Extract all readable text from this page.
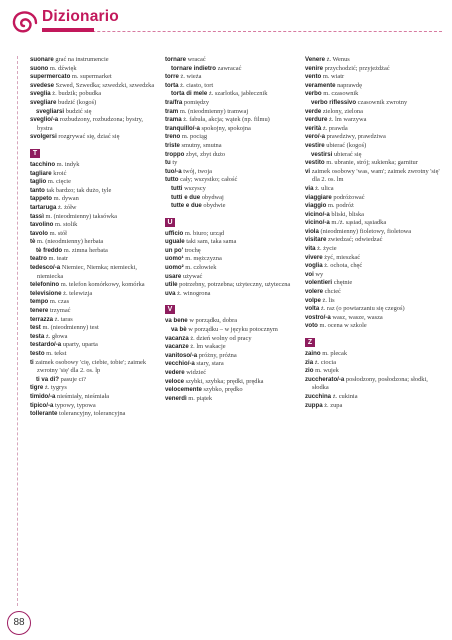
Dizionario

suonare grać na instrumencie

suono m. dźwięk

supermercato m. supermarket

svedese Szwed, Szwedka; szwedzki, szwedzka

sveglia ż. budzik; pobudka

svegliare budzić (kogoś)

svegliarsi budzić się

sveglio/-a rozbudzony, rozbudzona; bystry, bystra

svolgersi rozgrywać się, dziać się

T

tacchino m. indyk

tagliare kroić

taglio m. cięcie

tanto tak bardzo; tak dużo, tyle

tappeto m. dywan

tartaruga ż. żółw

tassì m. (nieodmienny) taksówka

tavolino m. stolik

tavolo m. stół

tè m. (nieodmienny) herbata

tè freddo m. zimna herbata

teatro m. teatr

tedesco/-a Niemiec, Niemka; niemiecki, niemiecka

telefonino m. telefon komórkowy, komórka

televisione ż. telewizja

tempo m. czas

tenere trzymać

terrazza ż. taras

test m. (nieodmienny) test

testa ż. głowa

testardo/-a uparty, uparta

testo m. tekst

ti zaimek osobowy 'cię, ciebie, tobie'; zaimek zwrotny 'się' dla 2. os. lp

ti va di? pasuje ci?

tigre ż. tygrys

timido/-a nieśmiały, nieśmiała

tipico/-a typowy, typowa

tollerante tolerancyjny, tolerancyjna

tornare wracać

tornare indietro zawracać

torre ż. wieża

torta ż. ciasto, tort

torta di mele ż. szarlotka, jabłecznik

tra/fra pomiędzy

tram m. (nieodmienny) tramwaj

trama ż. fabuła, akcja; wątek (np. filmu)

tranquillo/-a spokojny, spokojna

treno m. pociąg

triste smutny, smutna

troppo zbyt, zbyt dużo

tu ty

tuo/-a twój, twoja

tutto cały; wszystko; całość

tutti wszyscy

tutti e due obydwaj

tutte e due obydwie

U

ufficio m. biuro; urząd

uguale taki sam, taka sama

un po' trochę

uomo¹ m. mężczyzna

uomo² m. człowiek

usare używać

utile potrzebny, potrzebna; użyteczny, użyteczna

uva ż. winogrona

V

va bene w porządku, dobra

va bè w porządku – w języku potocznym

vacanza ż. dzień wolny od pracy

vacanze ż. lm wakacje

vanitoso/-a próżny, próżna

vecchio/-a stary, stara

vedere widzieć

veloce szybki, szybka; prędki, prędka

velocemente szybko, prędko

venerdì m. piątek

Venere ż. Wenus

venire przychodzić; przyjeżdżać

vento m. wiatr

veramente naprawdę

verbo m. czasownik

verbo riflessivo czasownik zwrotny

verde zielony, zielona

verdure ż. lm warzywa

verità ż. prawda

vero/-a prawdziwy, prawdziwa

vestire ubierać (kogoś)

vestirsi ubierać się

vestito m. ubranie, strój; sukienka; garnitur

vi zaimek osobowy 'was, wam'; zaimek zwrotny 'się' dla 2. os. lm

via ż. ulica

viaggiare podróżować

viaggio m. podróż

vicino/-a bliski, bliska

vicino/-a m./ż. sąsiad, sąsiadka

viola (nieodmienny) fioletowy, fioletowa

visitare zwiedzać; odwiedzać

vita ż. życie

vivere żyć, mieszkać

voglia ż. ochota, chęć

voi wy

volentieri chętnie

volere chcieć

volpe ż. lis

volta ż. raz (o powtarzaniu się czegoś)

vostro/-a wasz, wasze, wasza

voto m. ocena w szkole

Z

zaino m. plecak

zia ż. ciocia

zio m. wujek

zuccherato/-a posłodzony, posłodzona; słodki, słodka

zucchina ż. cukinia

zuppa ż. zupa

88
